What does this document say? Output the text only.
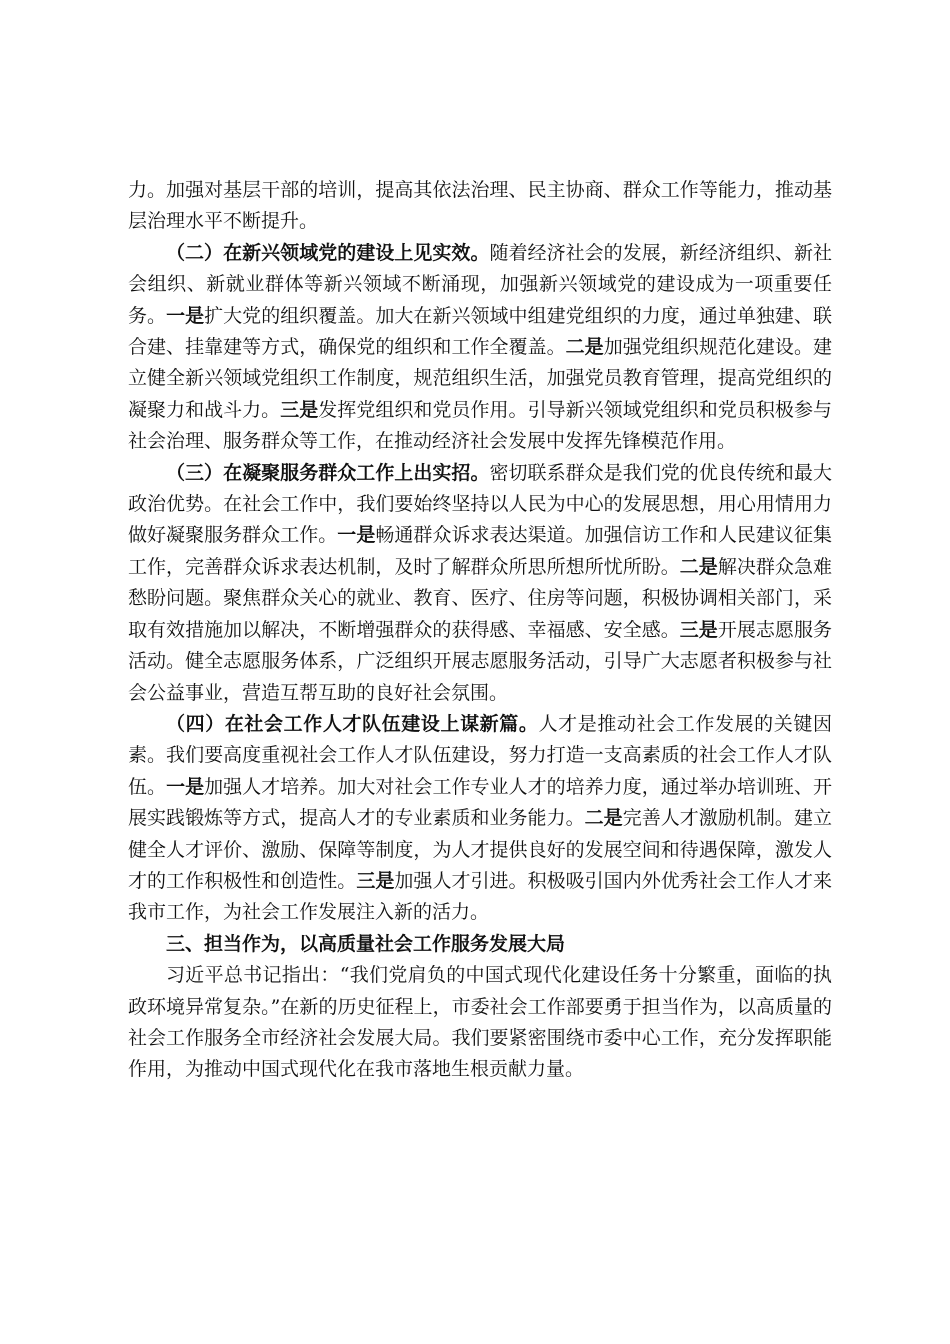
力。加强对基层干部的培训，提高其依法治理、民主协商、群众工作等能力，推动基层治理水平不断提升。

（二）在新兴领域党的建设上见实效。随着经济社会的发展，新经济组织、新社会组织、新就业群体等新兴领域不断涌现，加强新兴领域党的建设成为一项重要任务。一是扩大党的组织覆盖。加大在新兴领域中组建党组织的力度，通过单独建、联合建、挂靠建等方式，确保党的组织和工作全覆盖。二是加强党组织规范化建设。建立健全新兴领域党组织工作制度，规范组织生活，加强党员教育管理，提高党组织的凝聚力和战斗力。三是发挥党组织和党员作用。引导新兴领域党组织和党员积极参与社会治理、服务群众等工作，在推动经济社会发展中发挥先锋模范作用。

（三）在凝聚服务群众工作上出实招。密切联系群众是我们党的优良传统和最大政治优势。在社会工作中，我们要始终坚持以人民为中心的发展思想，用心用情用力做好凝聚服务群众工作。一是畅通群众诉求表达渠道。加强信访工作和人民建议征集工作，完善群众诉求表达机制，及时了解群众所思所想所忧所盼。二是解决群众急难愁盼问题。聚焦群众关心的就业、教育、医疗、住房等问题，积极协调相关部门，采取有效措施加以解决，不断增强群众的获得感、幸福感、安全感。三是开展志愿服务活动。健全志愿服务体系，广泛组织开展志愿服务活动，引导广大志愿者积极参与社会公益事业，营造互帮互助的良好社会氛围。

（四）在社会工作人才队伍建设上谋新篇。人才是推动社会工作发展的关键因素。我们要高度重视社会工作人才队伍建设，努力打造一支高素质的社会工作人才队伍。一是加强人才培养。加大对社会工作专业人才的培养力度，通过举办培训班、开展实践锻炼等方式，提高人才的专业素质和业务能力。二是完善人才激励机制。建立健全人才评价、激励、保障等制度，为人才提供良好的发展空间和待遇保障，激发人才的工作积极性和创造性。三是加强人才引进。积极吸引国内外优秀社会工作人才来我市工作，为社会工作发展注入新的活力。

三、担当作为，以高质量社会工作服务发展大局

习近平总书记指出：“我们党肩负的中国式现代化建设任务十分繁重，面临的执政环境异常复杂。”在新的历史征程上，市委社会工作部要勇于担当作为，以高质量的社会工作服务全市经济社会发展大局。我们要紧密围绕市委中心工作，充分发挥职能作用，为推动中国式现代化在我市落地生根贡献力量。
